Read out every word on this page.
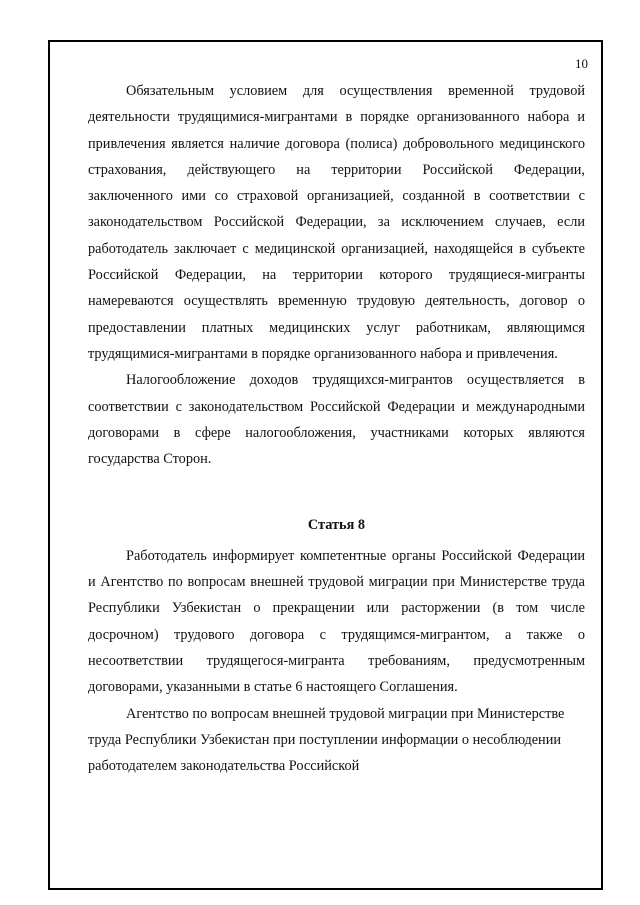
10

Обязательным условием для осуществления временной трудовой деятельности трудящимися-мигрантами в порядке организованного набора и привлечения является наличие договора (полиса) добровольного медицинского страхования, действующего на территории Российской Федерации, заключенного ими со страховой организацией, созданной в соответствии с законодательством Российской Федерации, за исключением случаев, если работодатель заключает с медицинской организацией, находящейся в субъекте Российской Федерации, на территории которого трудящиеся-мигранты намереваются осуществлять временную трудовую деятельность, договор о предоставлении платных медицинских услуг работникам, являющимся трудящимися-мигрантами в порядке организованного набора и привлечения.

Налогообложение доходов трудящихся-мигрантов осуществляется в соответствии с законодательством Российской Федерации и международными договорами в сфере налогообложения, участниками которых являются государства Сторон.

Статья 8

Работодатель информирует компетентные органы Российской Федерации и Агентство по вопросам внешней трудовой миграции при Министерстве труда Республики Узбекистан о прекращении или расторжении (в том числе досрочном) трудового договора с трудящимся-мигрантом, а также о несоответствии трудящегося-мигранта требованиям, предусмотренным договорами, указанными в статье 6 настоящего Соглашения.

Агентство по вопросам внешней трудовой миграции при Министерстве труда Республики Узбекистан при поступлении информации о несоблюдении работодателем законодательства Российской
